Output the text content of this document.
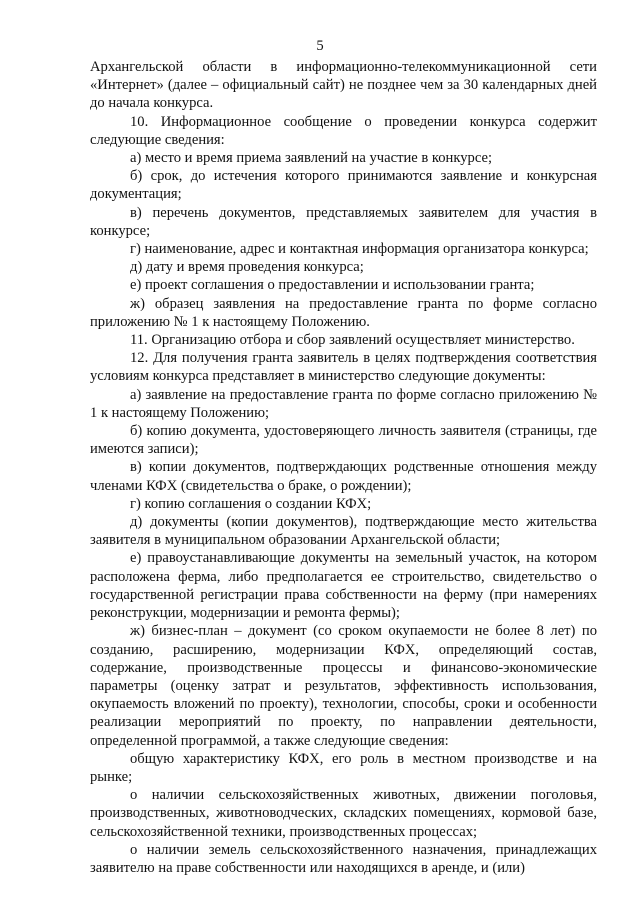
5

Архангельской области в информационно-телекоммуникационной сети «Интернет» (далее – официальный сайт) не позднее чем за 30 календарных дней до начала конкурса.

10. Информационное сообщение о проведении конкурса содержит следующие сведения:

а) место и время приема заявлений на участие в конкурсе;

б) срок, до истечения которого принимаются заявление и конкурсная документация;

в) перечень документов, представляемых заявителем для участия в конкурсе;

г) наименование, адрес и контактная информация организатора конкурса;

д) дату и время проведения конкурса;

е) проект соглашения о предоставлении и использовании гранта;

ж) образец заявления на предоставление гранта по форме согласно приложению № 1 к настоящему Положению.

11. Организацию отбора и сбор заявлений осуществляет министерство.

12. Для получения гранта заявитель в целях подтверждения соответствия условиям конкурса представляет в министерство следующие документы:

а) заявление на предоставление гранта по форме согласно приложению № 1 к настоящему Положению;

б) копию документа, удостоверяющего личность заявителя (страницы, где имеются записи);

в) копии документов, подтверждающих родственные отношения между членами КФХ (свидетельства о браке, о рождении);

г) копию соглашения о создании КФХ;

д) документы (копии документов), подтверждающие место жительства заявителя в муниципальном образовании Архангельской области;

е) правоустанавливающие документы на земельный участок, на котором расположена ферма, либо предполагается ее строительство, свидетельство о государственной регистрации права собственности на ферму (при намерениях реконструкции, модернизации и ремонта фермы);

ж) бизнес-план – документ (со сроком окупаемости не более 8 лет) по созданию, расширению, модернизации КФХ, определяющий состав, содержание, производственные процессы и финансово-экономические параметры (оценку затрат и результатов, эффективность использования, окупаемость вложений по проекту), технологии, способы, сроки и особенности реализации мероприятий по проекту, по направлении деятельности, определенной программой, а также следующие сведения:

общую характеристику КФХ, его роль в местном производстве и на рынке;

о наличии сельскохозяйственных животных, движении поголовья, производственных, животноводческих, складских помещениях, кормовой базе, сельскохозяйственной техники, производственных процессах;

о наличии земель сельскохозяйственного назначения, принадлежащих заявителю на праве собственности или находящихся в аренде, и (или)
